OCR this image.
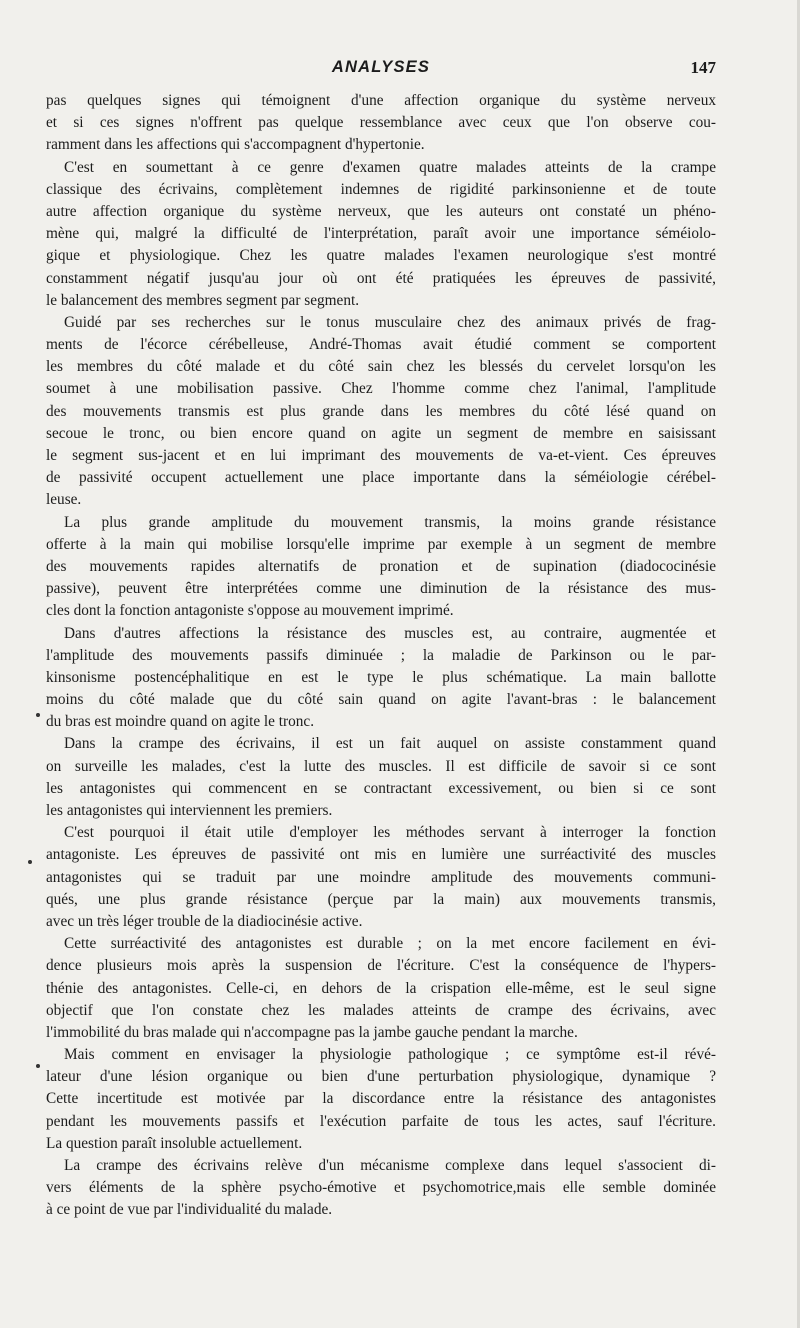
ANALYSES	147
pas quelques signes qui témoignent d'une affection organique du système nerveux
et si ces signes n'offrent pas quelque ressemblance avec ceux que l'on observe cou-
ramment dans les affections qui s'accompagnent d'hypertonie.
C'est en soumettant à ce genre d'examen quatre malades atteints de la crampe
classique des écrivains, complètement indemnes de rigidité parkinsonienne et de toute
autre affection organique du système nerveux, que les auteurs ont constaté un phéno-
mène qui, malgré la difficulté de l'interprétation, paraît avoir une importance séméiolo-
gique et physiologique. Chez les quatre malades l'examen neurologique s'est montré
constamment négatif jusqu'au jour où ont été pratiquées les épreuves de passivité,
le balancement des membres segment par segment.
Guidé par ses recherches sur le tonus musculaire chez des animaux privés de frag-
ments de l'écorce cérébelleuse, André-Thomas avait étudié comment se comportent
les membres du côté malade et du côté sain chez les blessés du cervelet lorsqu'on les
soumet à une mobilisation passive. Chez l'homme comme chez l'animal, l'amplitude
des mouvements transmis est plus grande dans les membres du côté lésé quand on
secoue le tronc, ou bien encore quand on agite un segment de membre en saisissant
le segment sus-jacent et en lui imprimant des mouvements de va-et-vient. Ces épreuves
de passivité occupent actuellement une place importante dans la séméiologie cérébel-
leuse.
La plus grande amplitude du mouvement transmis, la moins grande résistance
offerte à la main qui mobilise lorsqu'elle imprime par exemple à un segment de membre
des mouvements rapides alternatifs de pronation et de supination (diadococinésie
passive), peuvent être interprétées comme une diminution de la résistance des mus-
cles dont la fonction antagoniste s'oppose au mouvement imprimé.
Dans d'autres affections la résistance des muscles est, au contraire, augmentée et
l'amplitude des mouvements passifs diminuée ; la maladie de Parkinson ou le par-
kinsonisme postencéphalitique en est le type le plus schématique. La main ballotte
moins du côté malade que du côté sain quand on agite l'avant-bras : le balancement
du bras est moindre quand on agite le tronc.
Dans la crampe des écrivains, il est un fait auquel on assiste constamment quand
on surveille les malades, c'est la lutte des muscles. Il est difficile de savoir si ce sont
les antagonistes qui commencent en se contractant excessivement, ou bien si ce sont
les antagonistes qui interviennent les premiers.
C'est pourquoi il était utile d'employer les méthodes servant à interroger la fonction
antagoniste. Les épreuves de passivité ont mis en lumière une surréactivité des muscles
antagonistes qui se traduit par une moindre amplitude des mouvements communi-
qués, une plus grande résistance (perçue par la main) aux mouvements transmis,
avec un très léger trouble de la diadiocinésie active.
Cette surréactivité des antagonistes est durable ; on la met encore facilement en évi-
dence plusieurs mois après la suspension de l'écriture. C'est la conséquence de l'hypers-
thénie des antagonistes. Celle-ci, en dehors de la crispation elle-même, est le seul signe
objectif que l'on constate chez les malades atteints de crampe des écrivains, avec
l'immobilité du bras malade qui n'accompagne pas la jambe gauche pendant la marche.
Mais comment en envisager la physiologie pathologique ; ce symptôme est-il révé-
lateur d'une lésion organique ou bien d'une perturbation physiologique, dynamique ?
Cette incertitude est motivée par la discordance entre la résistance des antagonistes
pendant les mouvements passifs et l'exécution parfaite de tous les actes, sauf l'écriture.
La question paraît insoluble actuellement.
La crampe des écrivains relève d'un mécanisme complexe dans lequel s'associent di-
vers éléments de la sphère psycho-émotive et psychomotrice,mais elle semble dominée
à ce point de vue par l'individualité du malade.
